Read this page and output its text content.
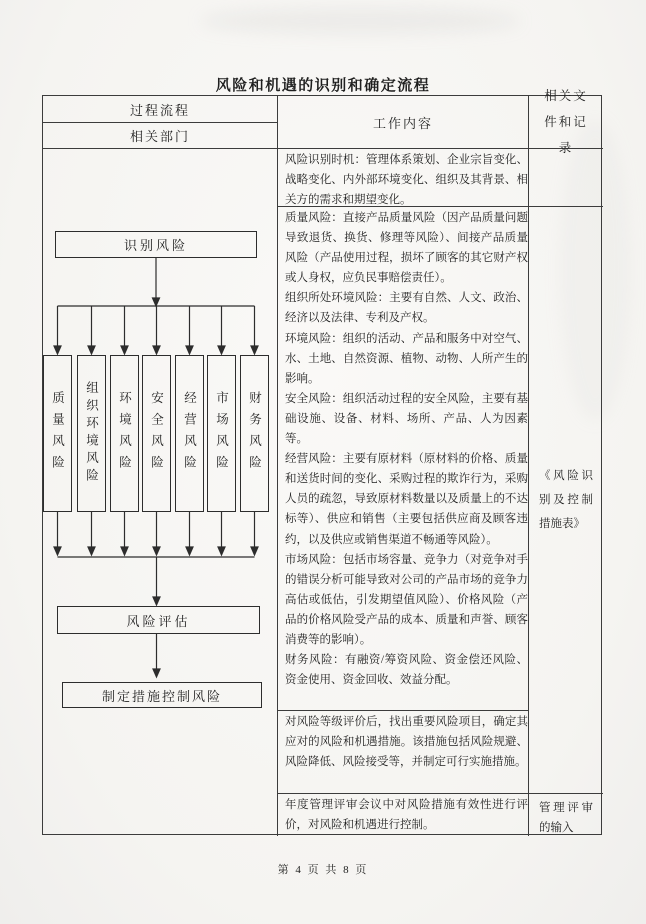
风险和机遇的识别和确定流程
过程流程
相关部门
工作内容
相关文件和记录
识别风险
质量风险 组织环境风险 环境风险 安全风险 经营风险 市场风险 财务风险
风险评估
制定措施控制风险

风险识别时机：管理体系策划、企业宗旨变化、战略变化、内外部环境变化、组织及其背景、相关方的需求和期望变化。

质量风险：直接产品质量风险（因产品质量问题导致退货、换货、修理等风险）、间接产品质量风险（产品使用过程，损坏了顾客的其它财产权或人身权，应负民事赔偿责任）。

组织所处环境风险：主要有自然、人文、政治、经济以及法律、专利及产权。

环境风险：组织的活动、产品和服务中对空气、水、土地、自然资源、植物、动物、人所产生的影响。

安全风险：组织活动过程的安全风险，主要有基础设施、设备、材料、场所、产品、人为因素等。

经营风险：主要有原材料（原材料的价格、质量和送货时间的变化、采购过程的欺诈行为，采购人员的疏忽，导致原材料数量以及质量上的不达标等）、供应和销售（主要包括供应商及顾客违约，以及供应或销售渠道不畅通等风险）。

市场风险：包括市场容量、竞争力（对竞争对手的错误分析可能导致对公司的产品市场的竞争力高估或低估，引发期望值风险）、价格风险（产品的价格风险受产品的成本、质量和声誉、顾客消费等的影响）。

财务风险：有融资/筹资风险、资金偿还风险、资金使用、资金回收、效益分配。

对风险等级评价后，找出重要风险项目，确定其应对的风险和机遇措施。该措施包括风险规避、风险降低、风险接受等，并制定可行实施措施。

年度管理评审会议中对风险措施有效性进行评价，对风险和机遇进行控制。

《风险识别及控制措施表》
管理评审的输入
第 4 页 共 8 页
